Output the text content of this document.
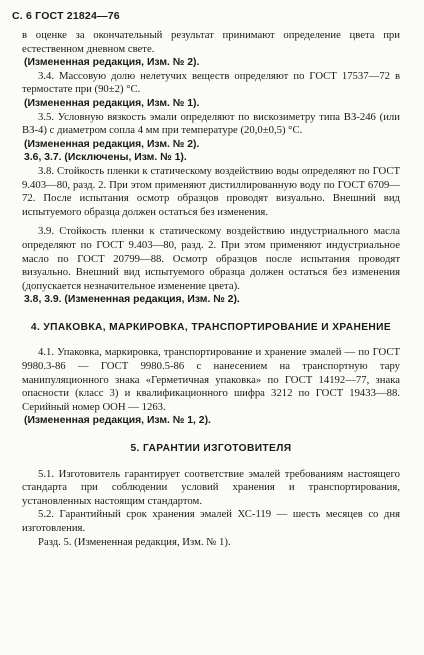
С. 6 ГОСТ 21824—76

в оценке за окончательный результат принимают определение цвета при естественном дневном свете.

(Измененная редакция, Изм. № 2).

3.4. Массовую долю нелетучих веществ определяют по ГОСТ 17537—72 в термостате при (90±2) °С.

(Измененная редакция, Изм. № 1).

3.5. Условную вязкость эмали определяют по вискозиметру типа ВЗ-246 (или ВЗ-4) с диаметром сопла 4 мм при температуре (20,0±0,5) °С.

(Измененная редакция, Изм. № 2).

3.6, 3.7. (Исключены, Изм. № 1).

3.8. Стойкость пленки к статическому воздействию воды определяют по ГОСТ 9.403—80, разд. 2. При этом применяют дистиллированную воду по ГОСТ 6709—72. После испытания осмотр образцов проводят визуально. Внешний вид испытуемого образца должен остаться без изменения.

3.9. Стойкость пленки к статическому воздействию индустриального масла определяют по ГОСТ 9.403—80, разд. 2. При этом применяют индустриальное масло по ГОСТ 20799—88. Осмотр образцов после испытания проводят визуально. Внешний вид испытуемого образца должен остаться без изменения (допускается незначительное изменение цвета).

3.8, 3.9. (Измененная редакция, Изм. № 2).

4. УПАКОВКА, МАРКИРОВКА, ТРАНСПОРТИРОВАНИЕ И ХРАНЕНИЕ

4.1. Упаковка, маркировка, транспортирование и хранение эмалей — по ГОСТ 9980.3-86 — ГОСТ 9980.5-86 с нанесением на транспортную тару манипуляционного знака «Герметичная упаковка» по ГОСТ 14192—77, знака опасности (класс 3) и квалификационного шифра 3212 по ГОСТ 19433—88. Серийный номер ООН — 1263.

(Измененная редакция, Изм. № 1, 2).

5. ГАРАНТИИ ИЗГОТОВИТЕЛЯ

5.1. Изготовитель гарантирует соответствие эмалей требованиям настоящего стандарта при соблюдении условий хранения и транспортирования, установленных настоящим стандартом.

5.2. Гарантийный срок хранения эмалей ХС-119 — шесть месяцев со дня изготовления.

Разд. 5. (Измененная редакция, Изм. № 1).
